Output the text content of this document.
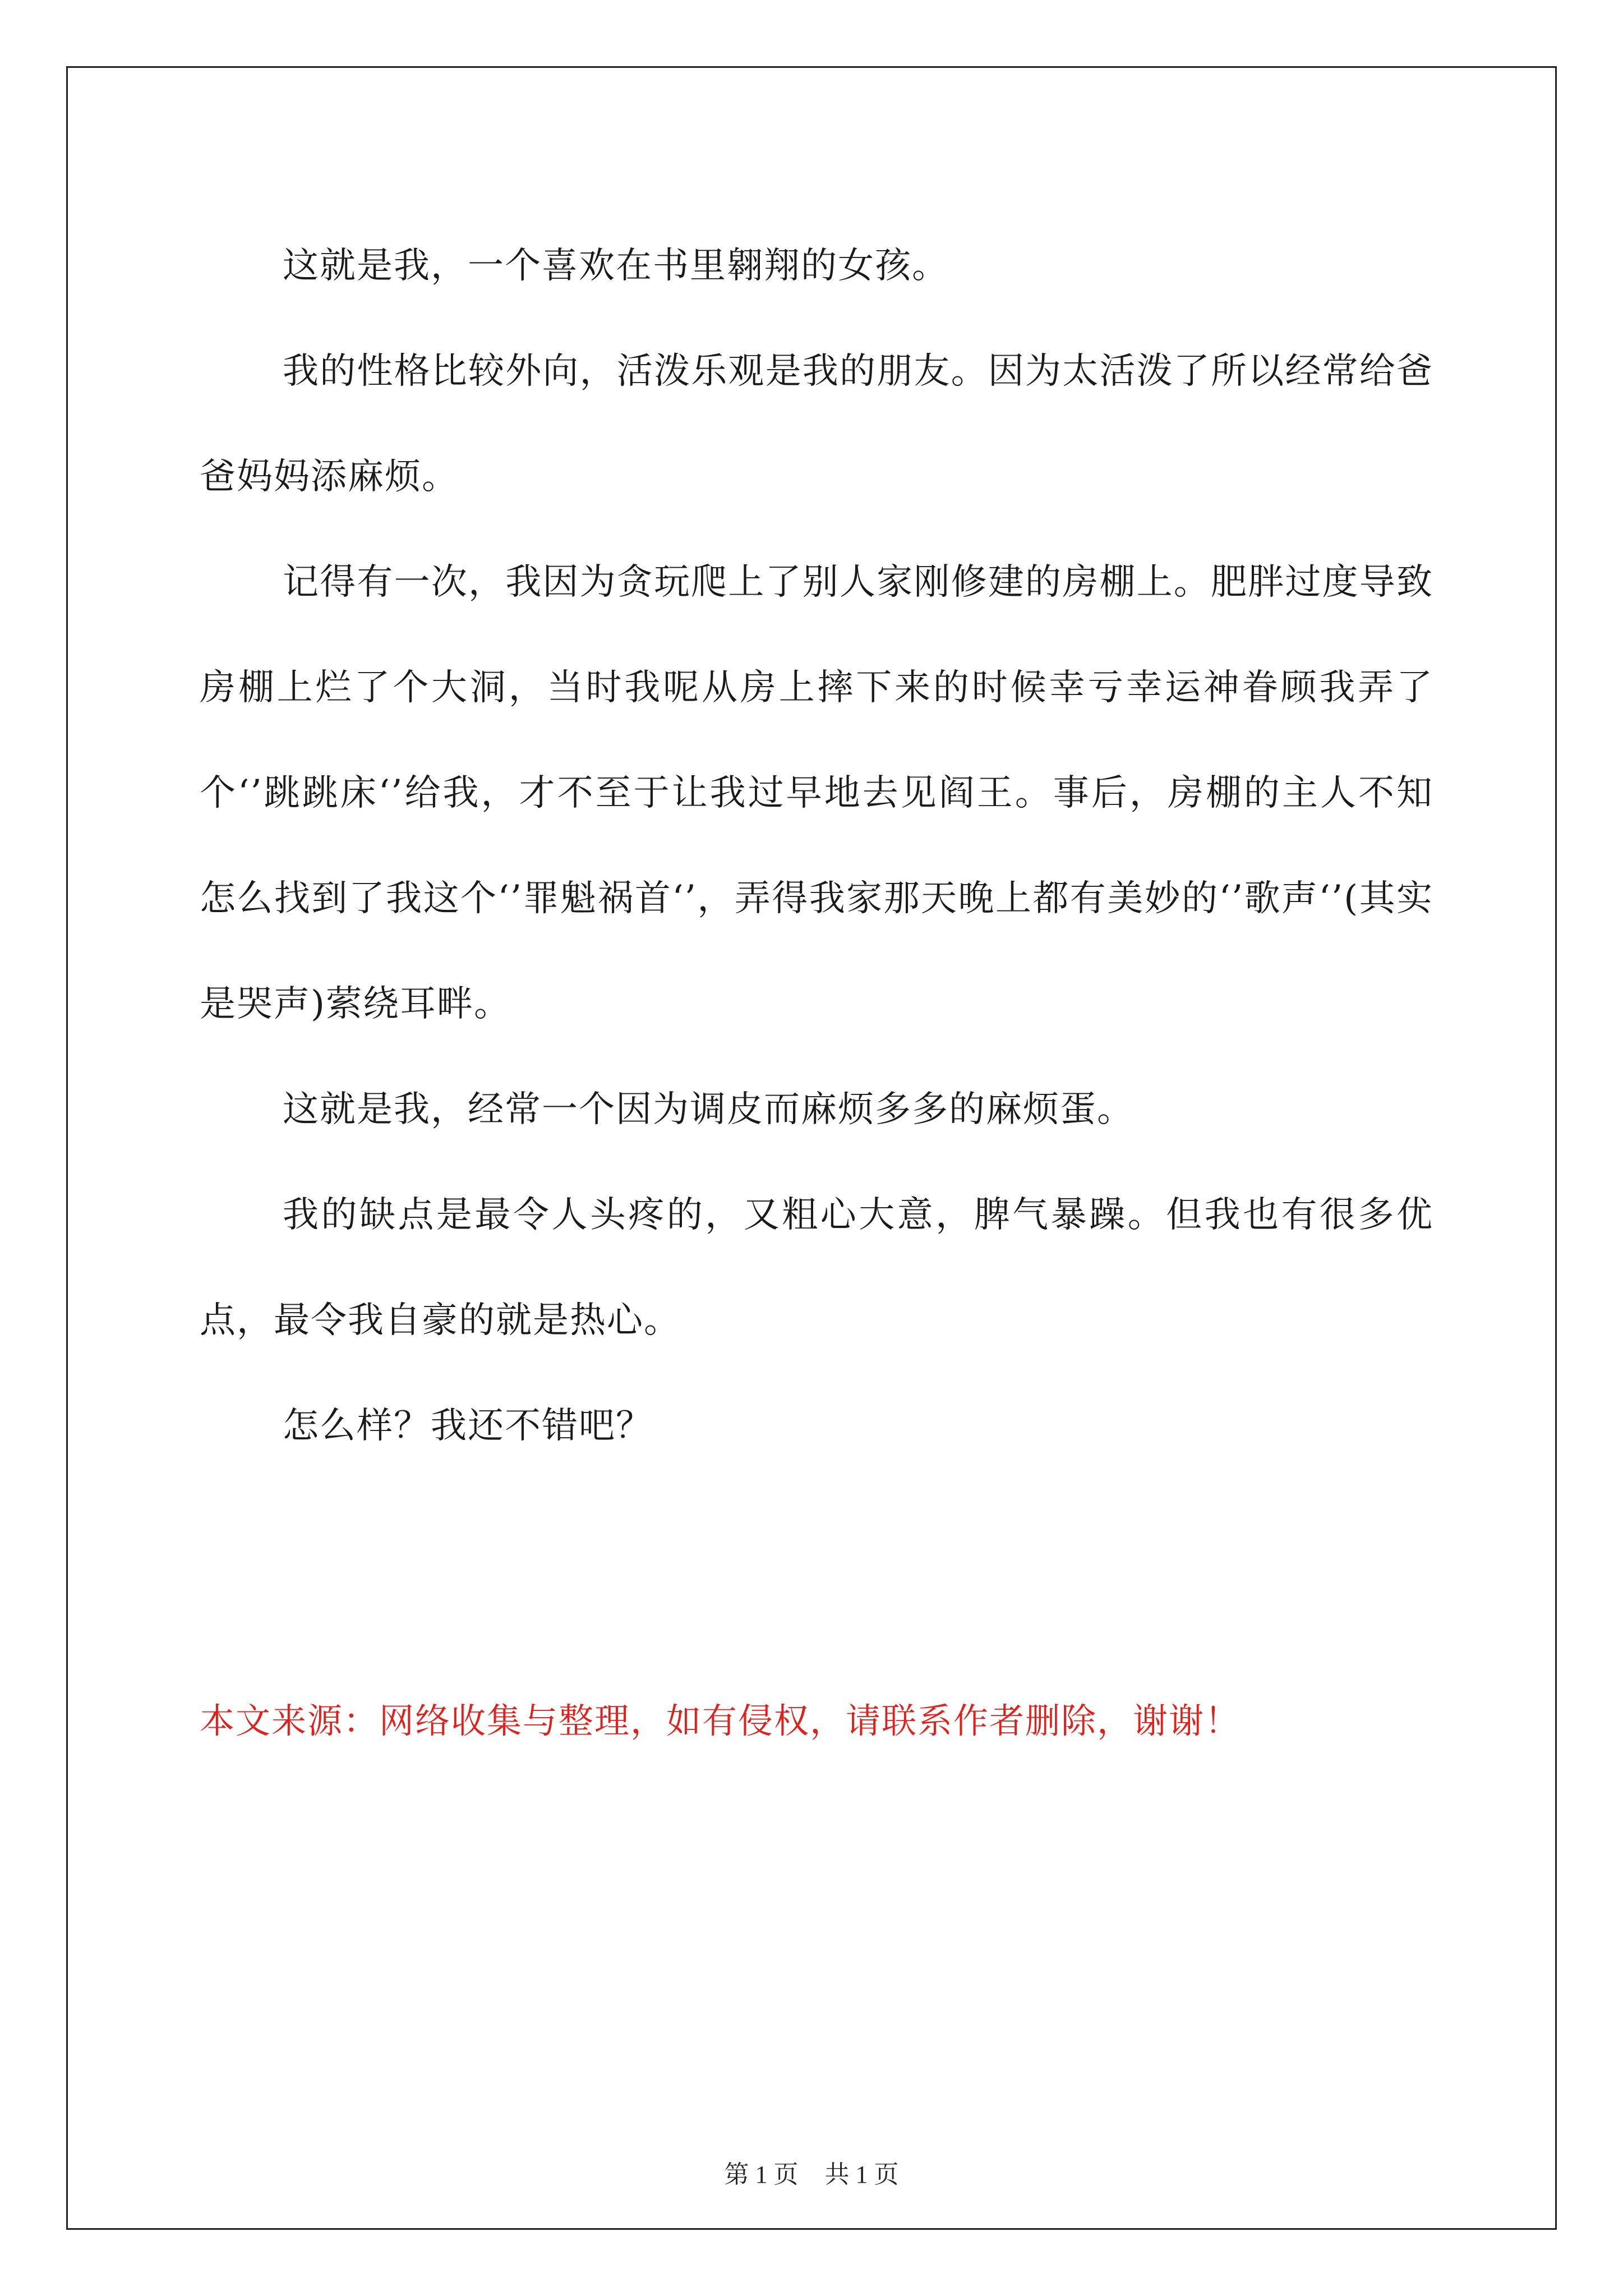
这就是我，一个喜欢在书里翱翔的女孩。

我的性格比较外向，活泼乐观是我的朋友。因为太活泼了所以经常给爸爸妈妈添麻烦。

记得有一次，我因为贪玩爬上了别人家刚修建的房棚上。肥胖过度导致房棚上烂了个大洞，当时我呢从房上摔下来的时候幸亏幸运神眷顾我弄了个‘’跳跳床‘’给我，才不至于让我过早地去见阎王。事后，房棚的主人不知怎么找到了我这个‘’罪魁祸首‘’，弄得我家那天晚上都有美妙的‘’歌声‘’(其实是哭声)萦绕耳畔。

这就是我，经常一个因为调皮而麻烦多多的麻烦蛋。

我的缺点是最令人头疼的，又粗心大意，脾气暴躁。但我也有很多优点，最令我自豪的就是热心。

怎么样？我还不错吧？

本文来源：网络收集与整理，如有侵权，请联系作者删除，谢谢！

第 1 页 共 1 页
